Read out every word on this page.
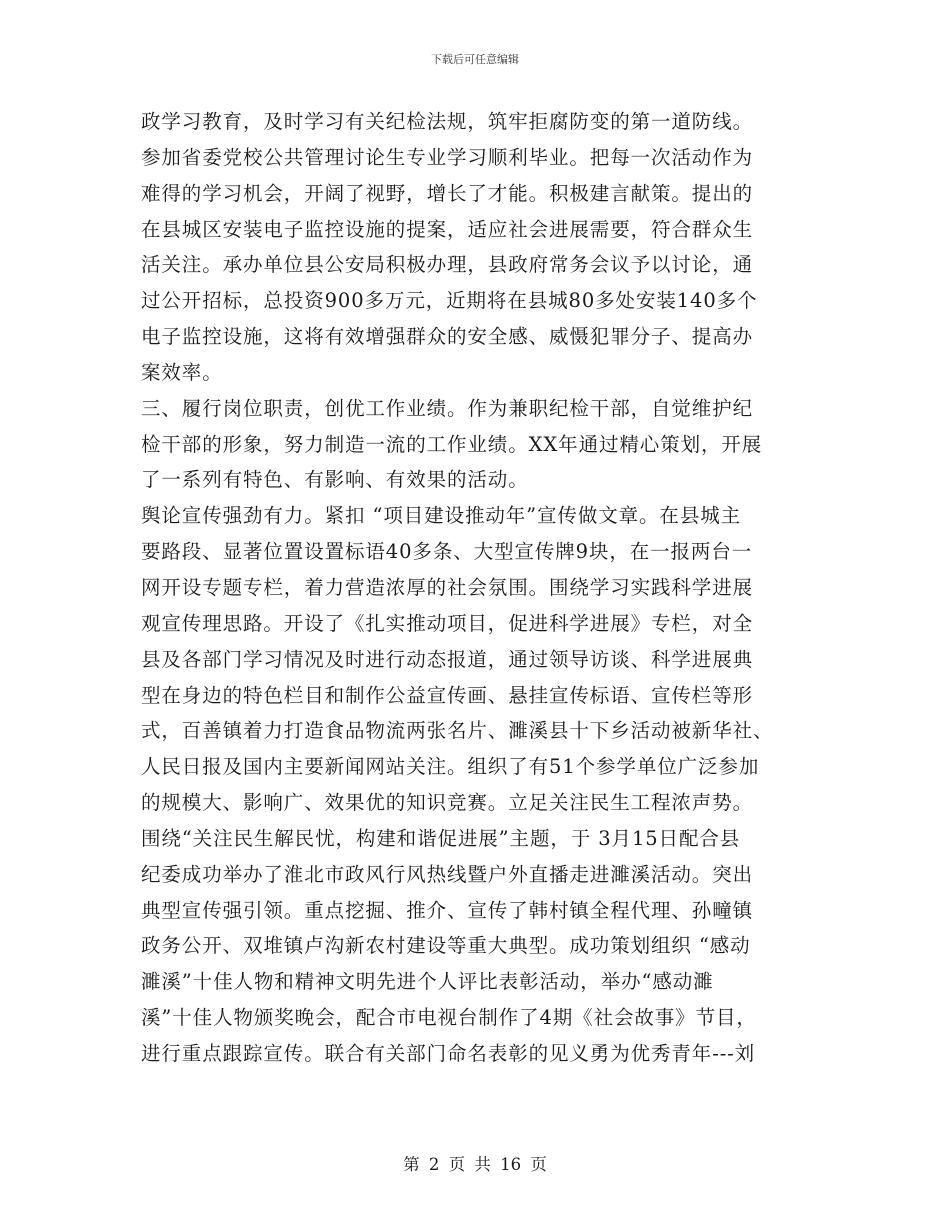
下载后可任意编辑
政学习教育，及时学习有关纪检法规，筑牢拒腐防变的第一道防线。
参加省委党校公共管理讨论生专业学习顺利毕业。把每一次活动作为
难得的学习机会，开阔了视野，增长了才能。积极建言献策。提出的
在县城区安装电子监控设施的提案，适应社会进展需要，符合群众生
活关注。承办单位县公安局积极办理，县政府常务会议予以讨论，通
过公开招标，总投资900多万元，近期将在县城80多处安装140多个
电子监控设施，这将有效增强群众的安全感、威慑犯罪分子、提高办
案效率。
三、履行岗位职责，创优工作业绩。作为兼职纪检干部，自觉维护纪
检干部的形象，努力制造一流的工作业绩。XX年通过精心策划，开展
了一系列有特色、有影响、有效果的活动。
舆论宣传强劲有力。紧扣 “项目建设推动年”宣传做文章。在县城主
要路段、显著位置设置标语40多条、大型宣传牌9块，在一报两台一
网开设专题专栏，着力营造浓厚的社会氛围。围绕学习实践科学进展
观宣传理思路。开设了《扎实推动项目，促进科学进展》专栏，对全
县及各部门学习情况及时进行动态报道，通过领导访谈、科学进展典
型在身边的特色栏目和制作公益宣传画、悬挂宣传标语、宣传栏等形
式，百善镇着力打造食品物流两张名片、濉溪县十下乡活动被新华社、
人民日报及国内主要新闻网站关注。组织了有51个参学单位广泛参加
的规模大、影响广、效果优的知识竞赛。立足关注民生工程浓声势。
围绕“关注民生解民忧，构建和谐促进展”主题，于 3月15日配合县
纪委成功举办了淮北市政风行风热线暨户外直播走进濉溪活动。突出
典型宣传强引领。重点挖掘、推介、宣传了韩村镇全程代理、孙疃镇
政务公开、双堆镇卢沟新农村建设等重大典型。成功策划组织 “感动
濉溪”十佳人物和精神文明先进个人评比表彰活动，举办“感动濉
溪”十佳人物颁奖晚会，配合市电视台制作了4期《社会故事》节目，
进行重点跟踪宣传。联合有关部门命名表彰的见义勇为优秀青年---刘
第 2 页 共 16 页
